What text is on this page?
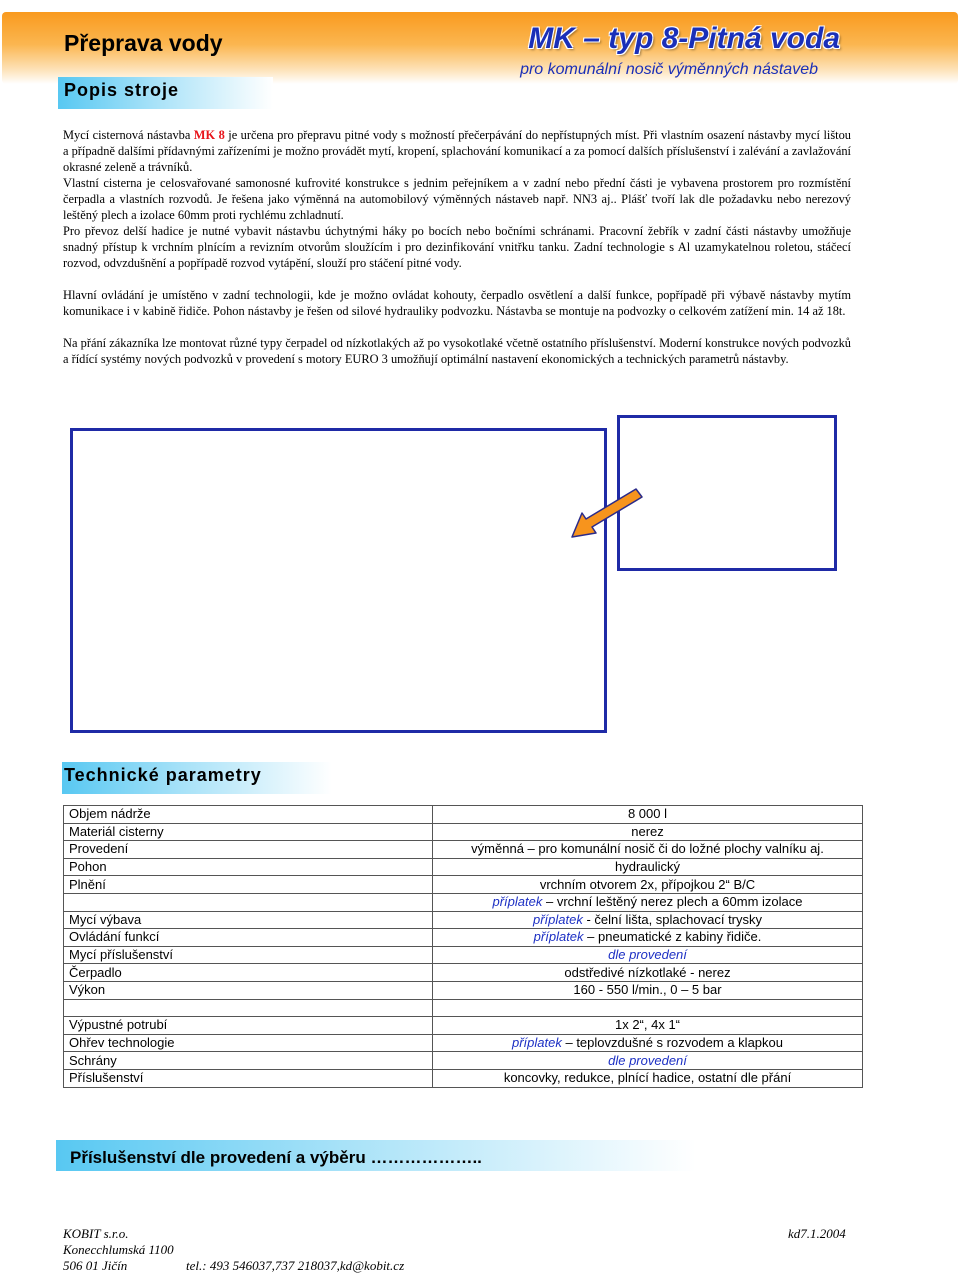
Přeprava vody	MK – typ 8-Pitná voda
pro komunální nosič výměnných nástaveb
Popis stroje

Mycí cisternová nástavba MK 8 je určena pro přepravu pitné vody s možností přečerpávání do nepřístupných míst. Při vlastním osazení nástavby mycí lištou a případně dalšími přídavnými zařízeními je možno provádět mytí, kropení, splachování komunikací a za pomocí dalších příslušenství i zalévání a zavlažování okrasné zeleně a trávníků.

Vlastní cisterna je celosvařované samonosné kufrovité konstrukce s jednim peřejníkem a v zadní nebo přední části je vybavena prostorem pro rozmístění čerpadla a vlastních rozvodů. Je řešena jako výměnná na automobilový výměnných nástaveb např. NN3 aj.. Plášť tvoří lak dle požadavku nebo nerezový leštěný plech a izolace 60mm proti rychlému zchladnutí.

Pro převoz delší hadice je nutné vybavit nástavbu úchytnými háky po bocích nebo bočními schránami. Pracovní žebřík v zadní části nástavby umožňuje snadný přístup k vrchním plnícím a revizním otvorům sloužícím i pro dezinfikování vnitřku tanku. Zadní technologie s Al uzamykatelnou roletou, stáčecí rozvod, odvzdušnění a popřípadě rozvod vytápění, slouží pro stáčení pitné vody.

Hlavní ovládání je umístěno v zadní technologii, kde je možno ovládat kohouty, čerpadlo osvětlení a další funkce, popřípadě při výbavě nástavby mytím komunikace i v kabině řidiče. Pohon nástavby je řešen od silové hydrauliky podvozku. Nástavba se montuje na podvozky o celkovém zatížení min. 14 až 18t.

Na přání zákazníka lze montovat různé typy čerpadel od nízkotlakých až po vysokotlaké včetně ostatního příslušenství. Moderní konstrukce nových podvozků a řídící systémy nových podvozků v provedení s motory EURO 3 umožňují optimální nastavení ekonomických a technických parametrů nástavby.

Technické parametry
Objem nádrže	8 000 l
Materiál cisterny	nerez
Provedení	výměnná – pro komunální nosič či do ložné plochy valníku aj.
Pohon	hydraulický
Plnění	vrchním otvorem 2x, přípojkou 2“ B/C
	příplatek – vrchní leštěný nerez plech a 60mm izolace
Mycí výbava	příplatek - čelní lišta, splachovací trysky
Ovládání funkcí	příplatek – pneumatické z kabiny řidiče.
Mycí příslušenství	dle provedení
Čerpadlo	odstředivé nízkotlaké - nerez
Výkon	160 - 550 l/min., 0 – 5 bar

Výpustné potrubí	1x 2“, 4x 1“
Ohřev technologie	příplatek – teplovzdušné s rozvodem a klapkou
Schrány	dle provedení
Příslušenství	koncovky, redukce, plnící hadice, ostatní dle přání
Příslušenství dle provedení a výběru ………………..
KOBIT s.r.o.
Konecchlumská 1100
506 01 Jičín	tel.: 493 546037,737 218037,kd@kobit.cz
kd7.1.2004
